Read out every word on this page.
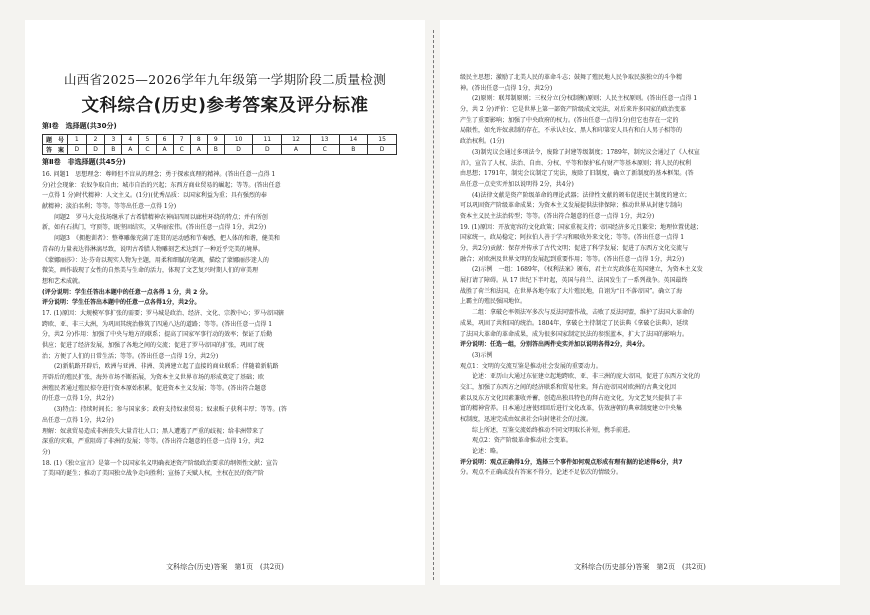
山西省2025—2026学年九年级第一学期阶段二质量检测
文科综合(历史)参考答案及评分标准
第Ⅰ卷　选择题(共30分)
题　号	1	2	3	4	5	6	7	8	9	10	11	12	13	14	15
答　案	D	D	B	A	C	A	C	A	B	D	D	A	C	B	D
第Ⅱ卷　非选择题(共45分)
16. 问题1　思想理念：尊师但不盲从的理念；勇于探索真理的精神。(答出任意一点得 1
分)社会现象：农奴争取自由；城市自治的兴起；东西方商业贸易的崛起；等等。(答出任意
一点得 1 分)时代精神：人文主义。(1分)(优秀品质：以国家利益为重；具有强烈的奉
献精神；淡泊名利；等等。等等出任意一点得 1分)
问题2　罗马大竞技场继承了古希腊精神农神庙四周以廊柱环绕的特点；并有所创
新，如有石拱门，穹顶等，既坚固结实，又华丽宏伟。(答出任意一点得 1分，共2分)
问题3　《拥抱训者》：整尊雕像充满了连贯的运动感和节奏感，把人体的和谐，健美和
青春的力量表达得淋漓尽致，说明古希腊人物雕刻艺术达到了一种近乎完美的境界。
《蒙娜丽莎》：达·芬奇以现实人物为主题，用柔和细腻的笔调，描绘了蒙娜丽莎迷人的
微笑，画作载现了女性的自然美与生命的活力，体现了文艺复兴时期人们的审美理
想和艺术成就。
(评分说明：学生任答出本题中的任意一点各得 1 分，共 2 分。
评分说明：学生任答出本题中的任意一点各得1分，共2分。
17. (1)原因：大规模军事扩张的需要；罗马城是政治、经济、文化、宗教中心；罗马帝国辖
跨欧、亚、非三大洲，为巩固其统治修筑了四通八达的道路；等等。(答出任意一点得 1
分，共2 分)作用：加强了中央与地方的联系；提高了国家军事行动的效率；保证了后勤
供应；促进了经济发展，加强了各地之间的交流；促进了罗马帝国的扩张，巩固了统
治；方便了人们的日常生活；等等。(答出任意一点得 1分，共2分)
(2)新航路开辟后，欧洲与亚洲、非洲、美洲建立起了直接的商业联系；伴随着新航路
开辟后的殖民扩张，海外市场不断拓展，为资本主义世界市场的形成奠定了基础；欧
洲殖民者通过殖民掠夺进行资本原始积累，促进资本主义发展；等等。(答出符合题意
的任意一点得 1分，共2分)
(3)特点：持续时间长；参与国家多；政府支持奴隶贸易；奴隶贩子获利丰厚；等等。(答
出任意一点得 1分，共2分)
理解：奴隶贸易造成非洲丧失大量青壮人口；黑人遭遇了严重的歧视；给非洲带来了
深重的灾难，严重阻碍了非洲的发展；等等。(答出符合题意的任意一点得 1分，共2
分)
18. (1)《独立宣言》是第一个以国家名义明确表述资产阶级政治要求的纲领性文献；宣告
了美国的诞生；推动了美国独立战争走向胜利；宣扬了天赋人权，主权在民的资产阶
文科综合(历史)答案　第1页　(共2页)
级民主思想；激励了北美人民的革命斗志；鼓舞了殖民地人民争取民族独立的斗争精
神。(答出任意一点得 1分，共2分)
(2)原则：联邦制原则；三权分立(分权制衡)原则；人民主权原则。(答出任意一点得 1
分，共 2 分)评价：它是世界上第一部资产阶级成文宪法，对后来许多国家的政治变革
产生了重要影响；加强了中央政府的权力。(答出任意一点得1分)但它也存在一定的
局限性，如允许奴隶制的存在，不承认妇女、黑人和印第安人具有和白人男子相等的
政治权利。(1分)
(3)制宪议会通过多项法令，废除了封建等级制度；1789年，制宪议会通过了《人权宣
言》，宣告了人权、法治、自由、分权、平等和保护私有财产等基本原则；将人民的权利
由思想；1791年，制宪会议制定了宪法，废除了旧制度，确立了新制度的基本框架。(答
出任意一点史实并加以说明得 2分，共4分)
(4)法律文献是资产阶级革命的理论武器；法律性文献的颁布促进民主制度的建立；
可以巩固资产阶级革命成果；为资本主义发展提供法律保障；推动世界从封建专制向
资本主义民主法治转型；等等。(答出符合题意的任意一点得 1分，共2分)
19. (1)原因：开放宽容的文化政策；国家重视支持；帝国经济多元且繁荣；地理位置优越；
国家统一，政局稳定；阿拉伯人善于学习和吸收外来文化；等等。(答出任意一点得 1
分，共2分)贡献：保存并传承了古代文明；促进了科学发展；促进了东西方文化交流与
融合；对欧洲及世界文明的发展起到重要作用；等等。(答出任意一点得 1分，共2分)
(2)示例　一组：1689年，《权利法案》颁布，君主立宪政体在英国建立，为资本主义发
展打请了障碍。从 17 世纪下半叶起，英国与荷兰、法国发生了一系列战争。英国最终
战胜了荷兰和法国，在世界各地夺取了大片殖民地，自诩为“日不落帝国”。确立了海
上霸主的殖民强国地位。
二组：拿破仑率领法军多次与反法同盟作战，击败了反法同盟，维护了法国大革命的
成果，巩固了共和国的统治。1804年，拿破仑主持制定了民法典《拿破仑法典》，延续
了法国大革命的革命成果，成为很多国家制定民法的参照蓝本，扩大了法国的影响力。
评分说明：任选一组，分别答出两件史实并加以说明各得2分，共4分。
(3)示例
观点1：文明的交流互鉴是推动社会发展的重要动力。
论述：亚历山大通过东征建立起地跨欧、亚、非三洲的庞大帝国，促进了东西方文化的
交汇，加强了东西方之间的经济联系和贸易往来。拜占庭帝国对欧洲的古典文化因
素以及东方文化因素兼收并蓄，创造出独具特色的拜占庭文化，为文艺复兴提供了丰
富的精神营养。日本通过唐使团回后进行文化改革，仿效唐朝的典章制度建立中央集
权制度，迅速完成由奴隶社会向封建社会的过渡。
综上所述，互鉴交流始终推动不同文明取长补短，携手前进。
观点2：资产阶级革命推动社会变革。
论述：略。
评分说明：观点正确得1分，选择三个事件如何观点形成有理有据的论述得6分，共7
分。观点不正确或没有答案不得分，论述不足依次的情级分。
文科综合(历史部分)答案　第2页　(共2页)
